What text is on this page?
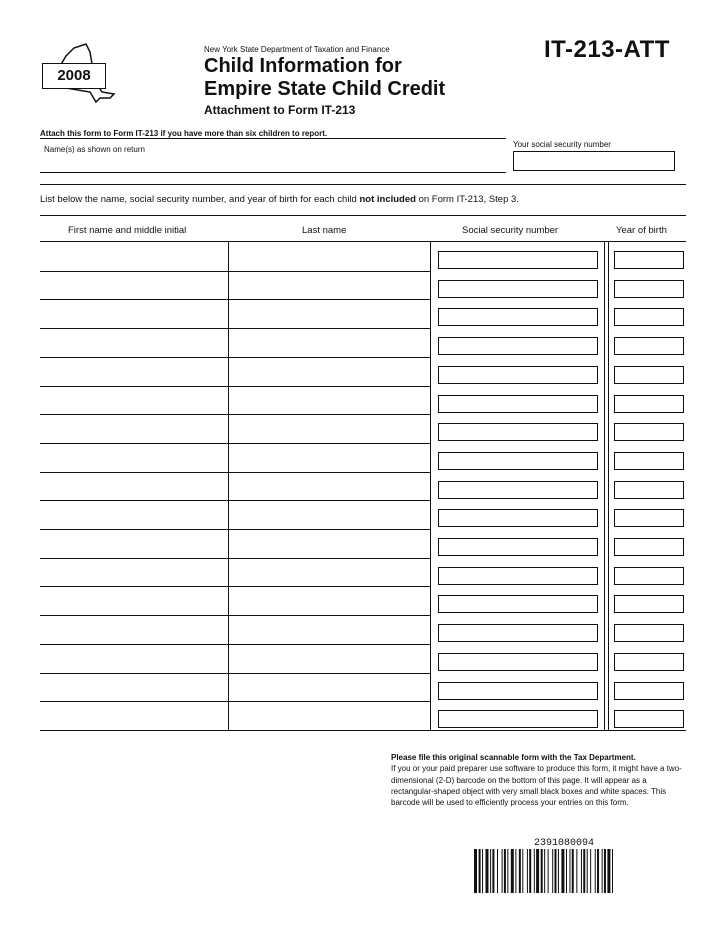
2008
New York State Department of Taxation and Finance
Child Information for
Empire State Child Credit
Attachment to Form IT-213
IT-213-ATT
Attach this form to Form IT-213 if you have more than six children to report.
Name(s) as shown on return
Your social security number
List below the name, social security number, and year of birth for each child not included on Form IT-213, Step 3.
First name and middle initial	Last name	Social security number	Year of birth
Please file this original scannable form with the Tax Department.
If you or your paid preparer use software to produce this form, it might have a two-dimensional (2-D) barcode on the bottom of this page. It will appear as a rectangular-shaped object with very small black boxes and white spaces. This barcode will be used to efficiently process your entries on this form.
2391080094
